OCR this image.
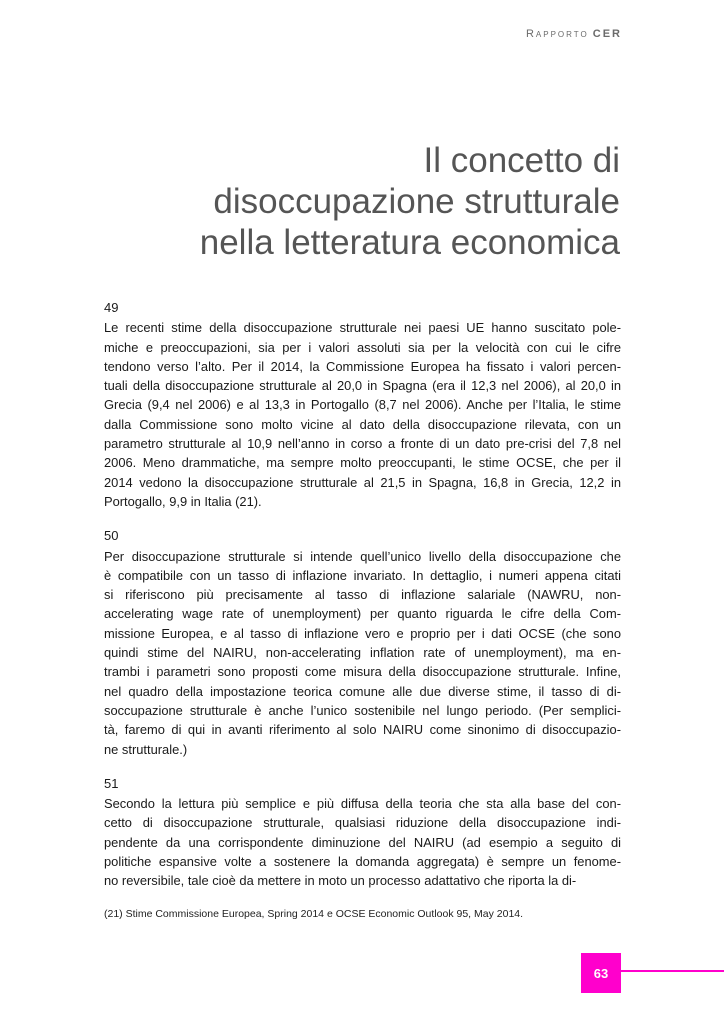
Rapporto CER
Il concetto di
disoccupazione strutturale
nella letteratura economica
49
Le recenti stime della disoccupazione strutturale nei paesi UE hanno suscitato pole-
miche e preoccupazioni, sia per i valori assoluti sia per la velocità con cui le cifre
tendono verso l’alto. Per il 2014, la Commissione Europea ha fissato i valori percen-
tuali della disoccupazione strutturale al 20,0 in Spagna (era il 12,3 nel 2006), al 20,0 in
Grecia (9,4 nel 2006) e al 13,3 in Portogallo (8,7 nel 2006). Anche per l’Italia, le stime
dalla Commissione sono molto vicine al dato della disoccupazione rilevata, con un
parametro strutturale al 10,9 nell’anno in corso a fronte di un dato pre-crisi del 7,8 nel
2006. Meno drammatiche, ma sempre molto preoccupanti, le stime OCSE, che per il
2014 vedono la disoccupazione strutturale al 21,5 in Spagna, 16,8 in Grecia, 12,2 in
Portogallo, 9,9 in Italia (21).
50
Per disoccupazione strutturale si intende quell’unico livello della disoccupazione che
è compatibile con un tasso di inflazione invariato. In dettaglio, i numeri appena citati
si riferiscono più precisamente al tasso di inflazione salariale (NAWRU, non-
accelerating wage rate of unemployment) per quanto riguarda le cifre della Com-
missione Europea, e al tasso di inflazione vero e proprio per i dati OCSE (che sono
quindi stime del NAIRU, non-accelerating inflation rate of unemployment), ma en-
trambi i parametri sono proposti come misura della disoccupazione strutturale. Infine,
nel quadro della impostazione teorica comune alle due diverse stime, il tasso di di-
soccupazione strutturale è anche l’unico sostenibile nel lungo periodo. (Per semplici-
tà, faremo di qui in avanti riferimento al solo NAIRU come sinonimo di disoccupazio-
ne strutturale.)
51
Secondo la lettura più semplice e più diffusa della teoria che sta alla base del con-
cetto di disoccupazione strutturale, qualsiasi riduzione della disoccupazione indi-
pendente da una corrispondente diminuzione del NAIRU (ad esempio a seguito di
politiche espansive volte a sostenere la domanda aggregata) è sempre un fenome-
no reversibile, tale cioè da mettere in moto un processo adattativo che riporta la di-
(21) Stime Commissione Europea, Spring 2014 e OCSE Economic Outlook 95, May 2014.
63
